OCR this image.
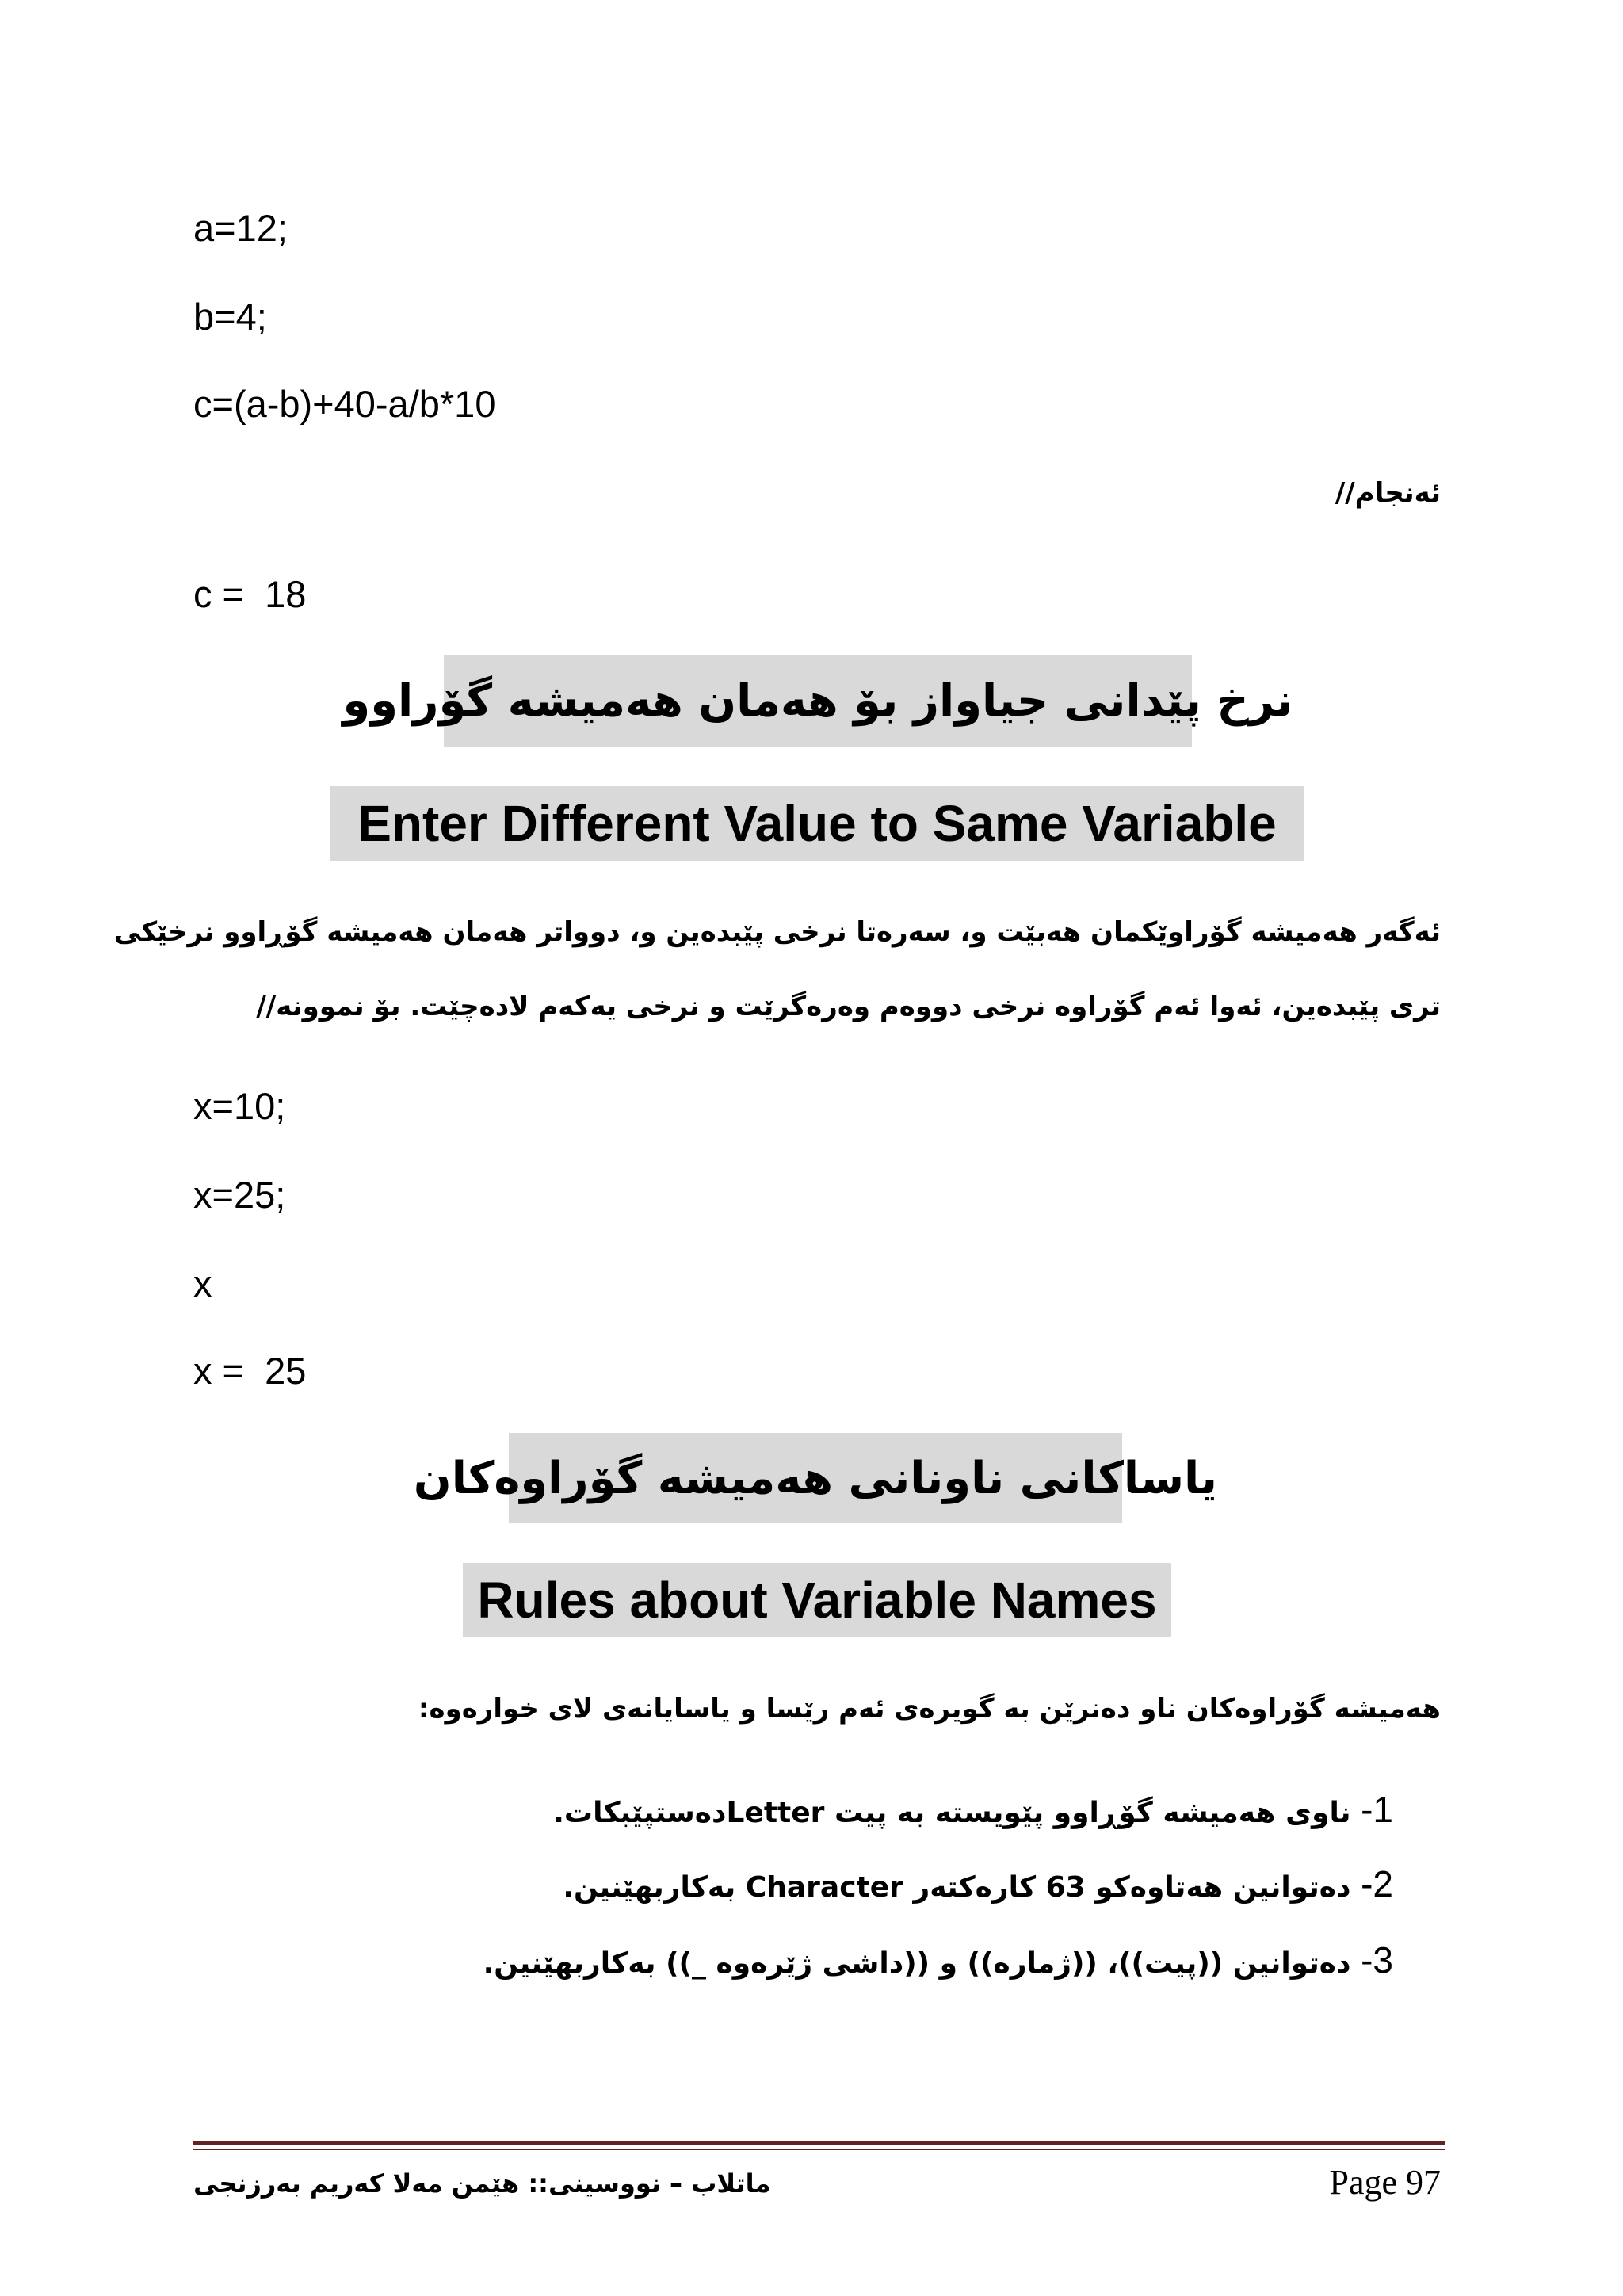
a=12;
b=4;
c=(a-b)+40-a/b*10
ئەنجام//
c =  18
نرخ پێدانی جیاواز بۆ هەمان هەمیشە گۆراوو
Enter Different Value to Same Variable
ئەگەر هەمیشە گۆراوێکمان هەبێت و، سەرەتا نرخی پێبدەین و، دوواتر هەمان هەمیشە گۆڕاوو نرخێکی
تری پێبدەین، ئەوا ئەم گۆراوە نرخی دووەم وەرەگرێت و نرخی یەکەم لادەچێت. بۆ نموونە//
x=10;
x=25;
x
x =  25
یاساکانی ناونانی هەمیشە گۆراوەکان
Rules about Variable Names
هەمیشە گۆراوەکان ناو دەنرێن بە گویرەی ئەم رێسا و یاسایانەی لای خوارەوە:
1- ناوی هەمیشە گۆڕاوو پێویستە بە پیت Letterدەستپێبکات.
2- دەتوانین هەتاوەکو 63 کارەکتەر Character بەکاربهێنین.
3- دەتوانین ((پیت))، ((ژمارە)) و ((داشی ژێرەوە _)) بەکاربهێنین.
ماتلاب – نووسینی:: هێمن مەلا کەریم بەرزنجی	Page 97
